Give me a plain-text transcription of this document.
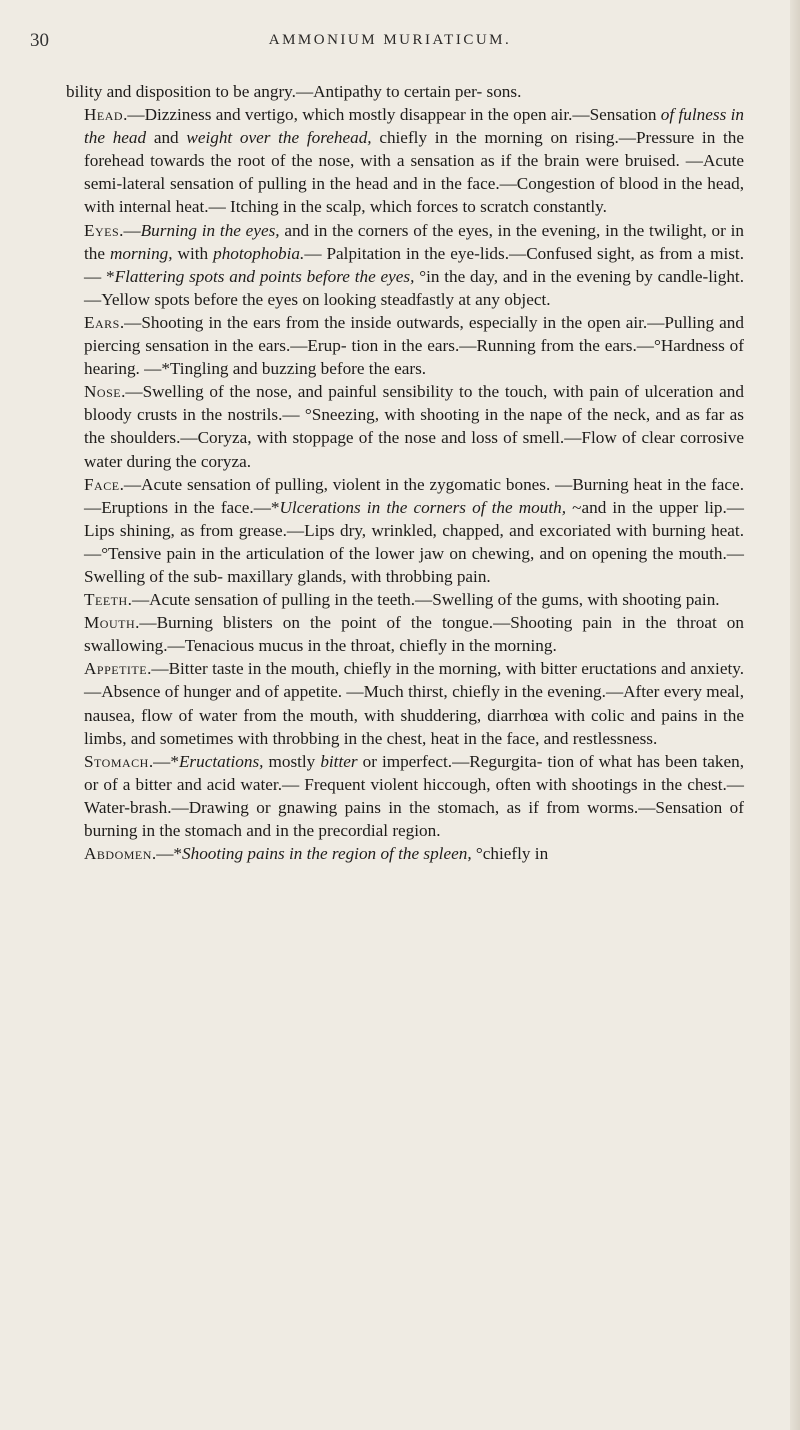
30	AMMONIUM MURIATICUM.

bility and disposition to be angry.—Antipathy to certain per- sons.

Head.—Dizziness and vertigo, which mostly disappear in the open air.—Sensation of fulness in the head and weight over the forehead, chiefly in the morning on rising.—Pressure in the forehead towards the root of the nose, with a sensation as if the brain were bruised. —Acute semi-lateral sensation of pulling in the head and in the face.—Congestion of blood in the head, with internal heat.— Itching in the scalp, which forces to scratch constantly.

Eyes.—Burning in the eyes, and in the corners of the eyes, in the evening, in the twilight, or in the morning, with photophobia.— Palpitation in the eye-lids.—Confused sight, as from a mist.— *Flattering spots and points before the eyes, °in the day, and in the evening by candle-light.—Yellow spots before the eyes on looking steadfastly at any object.

Ears.—Shooting in the ears from the inside outwards, especially in the open air.—Pulling and piercing sensation in the ears.—Erup- tion in the ears.—Running from the ears.—°Hardness of hearing. —*Tingling and buzzing before the ears.

Nose.—Swelling of the nose, and painful sensibility to the touch, with pain of ulceration and bloody crusts in the nostrils.— °Sneezing, with shooting in the nape of the neck, and as far as the shoulders.—Coryza, with stoppage of the nose and loss of smell.—Flow of clear corrosive water during the coryza.

Face.—Acute sensation of pulling, violent in the zygomatic bones. —Burning heat in the face.—Eruptions in the face.—*Ulcerations in the corners of the mouth, ~and in the upper lip.—Lips shining, as from grease.—Lips dry, wrinkled, chapped, and excoriated with burning heat.—°Tensive pain in the articulation of the lower jaw on chewing, and on opening the mouth.—Swelling of the sub- maxillary glands, with throbbing pain.

Teeth.—Acute sensation of pulling in the teeth.—Swelling of the gums, with shooting pain.

Mouth.—Burning blisters on the point of the tongue.—Shooting pain in the throat on swallowing.—Tenacious mucus in the throat, chiefly in the morning.

Appetite.—Bitter taste in the mouth, chiefly in the morning, with bitter eructations and anxiety.—Absence of hunger and of appetite. —Much thirst, chiefly in the evening.—After every meal, nausea, flow of water from the mouth, with shuddering, diarrhœa with colic and pains in the limbs, and sometimes with throbbing in the chest, heat in the face, and restlessness.

Stomach.—*Eructations, mostly bitter or imperfect.—Regurgita- tion of what has been taken, or of a bitter and acid water.— Frequent violent hiccough, often with shootings in the chest.— Water-brash.—Drawing or gnawing pains in the stomach, as if from worms.—Sensation of burning in the stomach and in the precordial region.

Abdomen.—*Shooting pains in the region of the spleen, °chiefly in
